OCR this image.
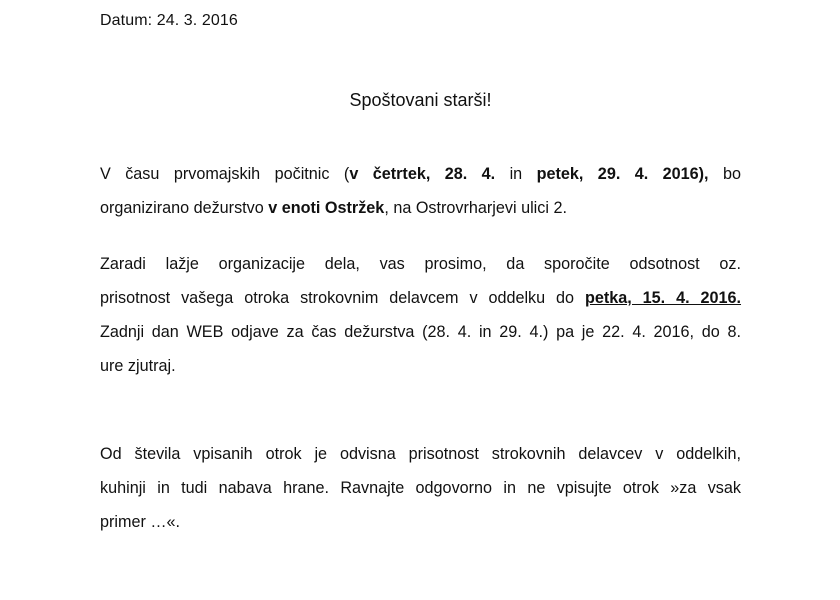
Datum: 24. 3. 2016
Spoštovani starši!
V času prvomajskih počitnic (v četrtek, 28. 4. in petek, 29. 4. 2016), bo
organizirano dežurstvo v enoti Ostržek, na Ostrovrharjevi ulici 2.
Zaradi lažje organizacije dela, vas prosimo, da sporočite odsotnost oz.
prisotnost vašega otroka strokovnim delavcem v oddelku do petka, 15. 4. 2016.
Zadnji dan WEB odjave za čas dežurstva (28. 4. in 29. 4.) pa je 22. 4. 2016, do 8.
ure zjutraj.
Od števila vpisanih otrok je odvisna prisotnost strokovnih delavcev v oddelkih,
kuhinji in tudi nabava hrane. Ravnajte odgovorno in ne vpisujte otrok »za vsak
primer …«.
